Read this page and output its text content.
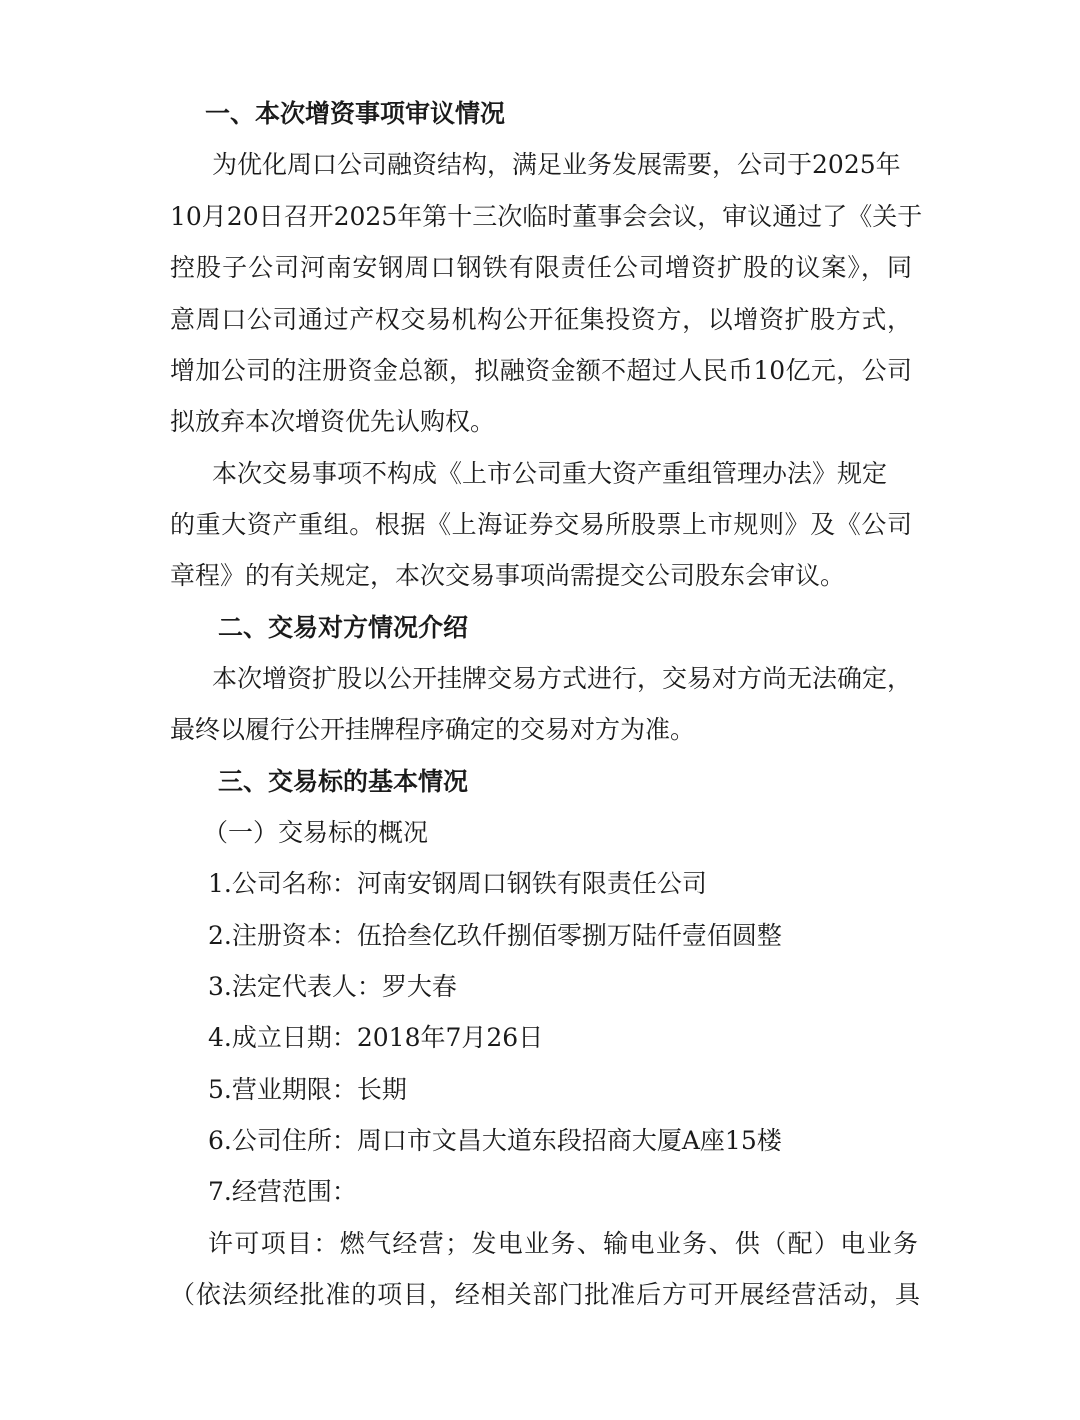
一、本次增资事项审议情况
为优化周口公司融资结构，满足业务发展需要，公司于2025年
10月20日召开2025年第十三次临时董事会会议，审议通过了《关于
控股子公司河南安钢周口钢铁有限责任公司增资扩股的议案》，同
意周口公司通过产权交易机构公开征集投资方，以增资扩股方式，
增加公司的注册资金总额，拟融资金额不超过人民币10亿元，公司
拟放弃本次增资优先认购权。
本次交易事项不构成《上市公司重大资产重组管理办法》规定
的重大资产重组。根据《上海证券交易所股票上市规则》及《公司
章程》的有关规定，本次交易事项尚需提交公司股东会审议。
二、交易对方情况介绍
本次增资扩股以公开挂牌交易方式进行，交易对方尚无法确定，
最终以履行公开挂牌程序确定的交易对方为准。
三、交易标的基本情况
（一）交易标的概况
1.公司名称：河南安钢周口钢铁有限责任公司
2.注册资本：伍拾叁亿玖仟捌佰零捌万陆仟壹佰圆整
3.法定代表人：罗大春
4.成立日期：2018年7月26日
5.营业期限：长期
6.公司住所：周口市文昌大道东段招商大厦A座15楼
7.经营范围：
许可项目：燃气经营；发电业务、输电业务、供（配）电业务
（依法须经批准的项目，经相关部门批准后方可开展经营活动，具
